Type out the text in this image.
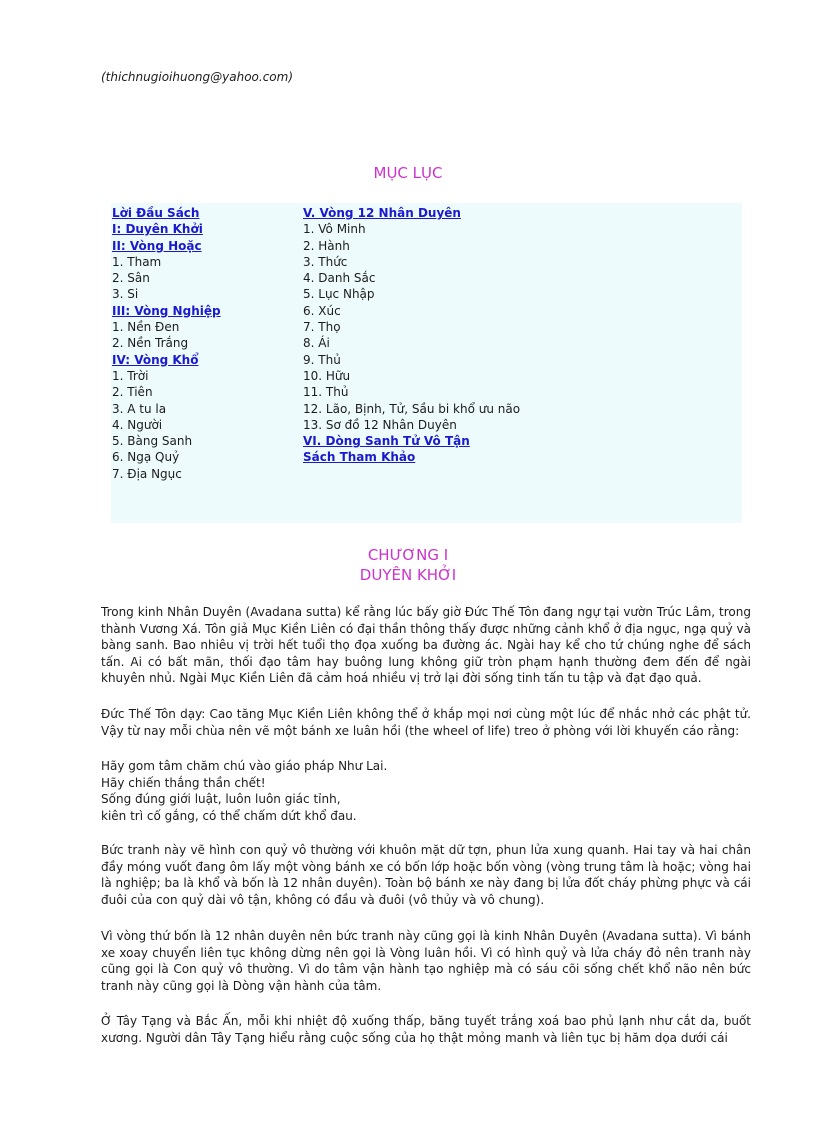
(thichnugioihuong@yahoo.com)
MỤC LỤC
Lời Đầu Sách
I: Duyên Khởi
II: Vòng Hoặc
1. Tham
2. Sân
3. Si
III: Vòng Nghiệp
1. Nền Đen
2. Nền Trắng
IV: Vòng Khổ
1. Trời
2. Tiên
3. A tu la
4. Người
5. Bàng Sanh
6. Ngạ Quỷ
7. Địa Ngục
V. Vòng 12 Nhân Duyên
1. Vô Minh
2. Hành
3. Thức
4. Danh Sắc
5. Lục Nhập
6. Xúc
7. Thọ
8. Ái
9. Thủ
10. Hữu
11. Thủ
12. Lão, Bịnh, Tử, Sầu bi khổ ưu não
13. Sơ đồ 12 Nhân Duyên
VI. Dòng Sanh Tử Vô Tận
Sách Tham Khảo
CHƯƠNG I
DUYÊN KHỞI
Trong kinh Nhân Duyên (Avadana sutta) kể rằng lúc bấy giờ Đức Thế Tôn đang ngự tại vườn Trúc Lâm, trong thành Vương Xá. Tôn giả Mục Kiền Liên có đại thần thông thấy được những cảnh khổ ở địa ngục, ngạ quỷ và bàng sanh. Bao nhiêu vị trời hết tuổi thọ đọa xuống ba đường ác. Ngài hay kể cho tứ chúng nghe để sách tấn. Ai có bất mãn, thối đạo tâm hay buông lung không giữ tròn phạm hạnh thường đem đến để ngài khuyên nhủ. Ngài Mục Kiền Liên đã cảm hoá nhiều vị trở lại đời sống tinh tấn tu tập và đạt đạo quả.
Đức Thế Tôn dạy: Cao tăng Mục Kiền Liên không thể ở khắp mọi nơi cùng một lúc để nhắc nhở các phật tử. Vậy từ nay mỗi chùa nên vẽ một bánh xe luân hồi (the wheel of life) treo ở phòng với lời khuyến cáo rằng:
Hãy gom tâm chăm chú vào giáo pháp Như Lai.
Hãy chiến thắng thần chết!
Sống đúng giới luật, luôn luôn giác tỉnh,
kiên trì cố gắng, có thể chấm dứt khổ đau.
Bức tranh này vẽ hình con quỷ vô thường với khuôn mặt dữ tợn, phun lửa xung quanh. Hai tay và hai chân đầy móng vuốt đang ôm lấy một vòng bánh xe có bốn lớp hoặc bốn vòng (vòng trung tâm là hoặc; vòng hai là nghiệp; ba là khổ và bốn là 12 nhân duyên). Toàn bộ bánh xe này đang bị lửa đốt cháy phừng phực và cái đuôi của con quỷ dài vô tận, không có đầu và đuôi (vô thủy và vô chung).
Vì vòng thứ bốn là 12 nhân duyên nên bức tranh này cũng gọi là kinh Nhân Duyên (Avadana sutta). Vì bánh xe xoay chuyển liên tục không dừng nên gọi là Vòng luân hồi. Vì có hình quỷ và lửa cháy đỏ nên tranh này cũng gọi là Con quỷ vô thường. Vì do tâm vận hành tạo nghiệp mà có sáu cõi sống chết khổ não nên bức tranh này cũng gọi là Dòng vận hành của tâm.
Ở Tây Tạng và Bắc Ấn, mỗi khi nhiệt độ xuống thấp, băng tuyết trắng xoá bao phủ lạnh như cắt da, buốt xương. Người dân Tây Tạng hiểu rằng cuộc sống của họ thật mỏng manh và liên tục bị hăm dọa dưới cái
